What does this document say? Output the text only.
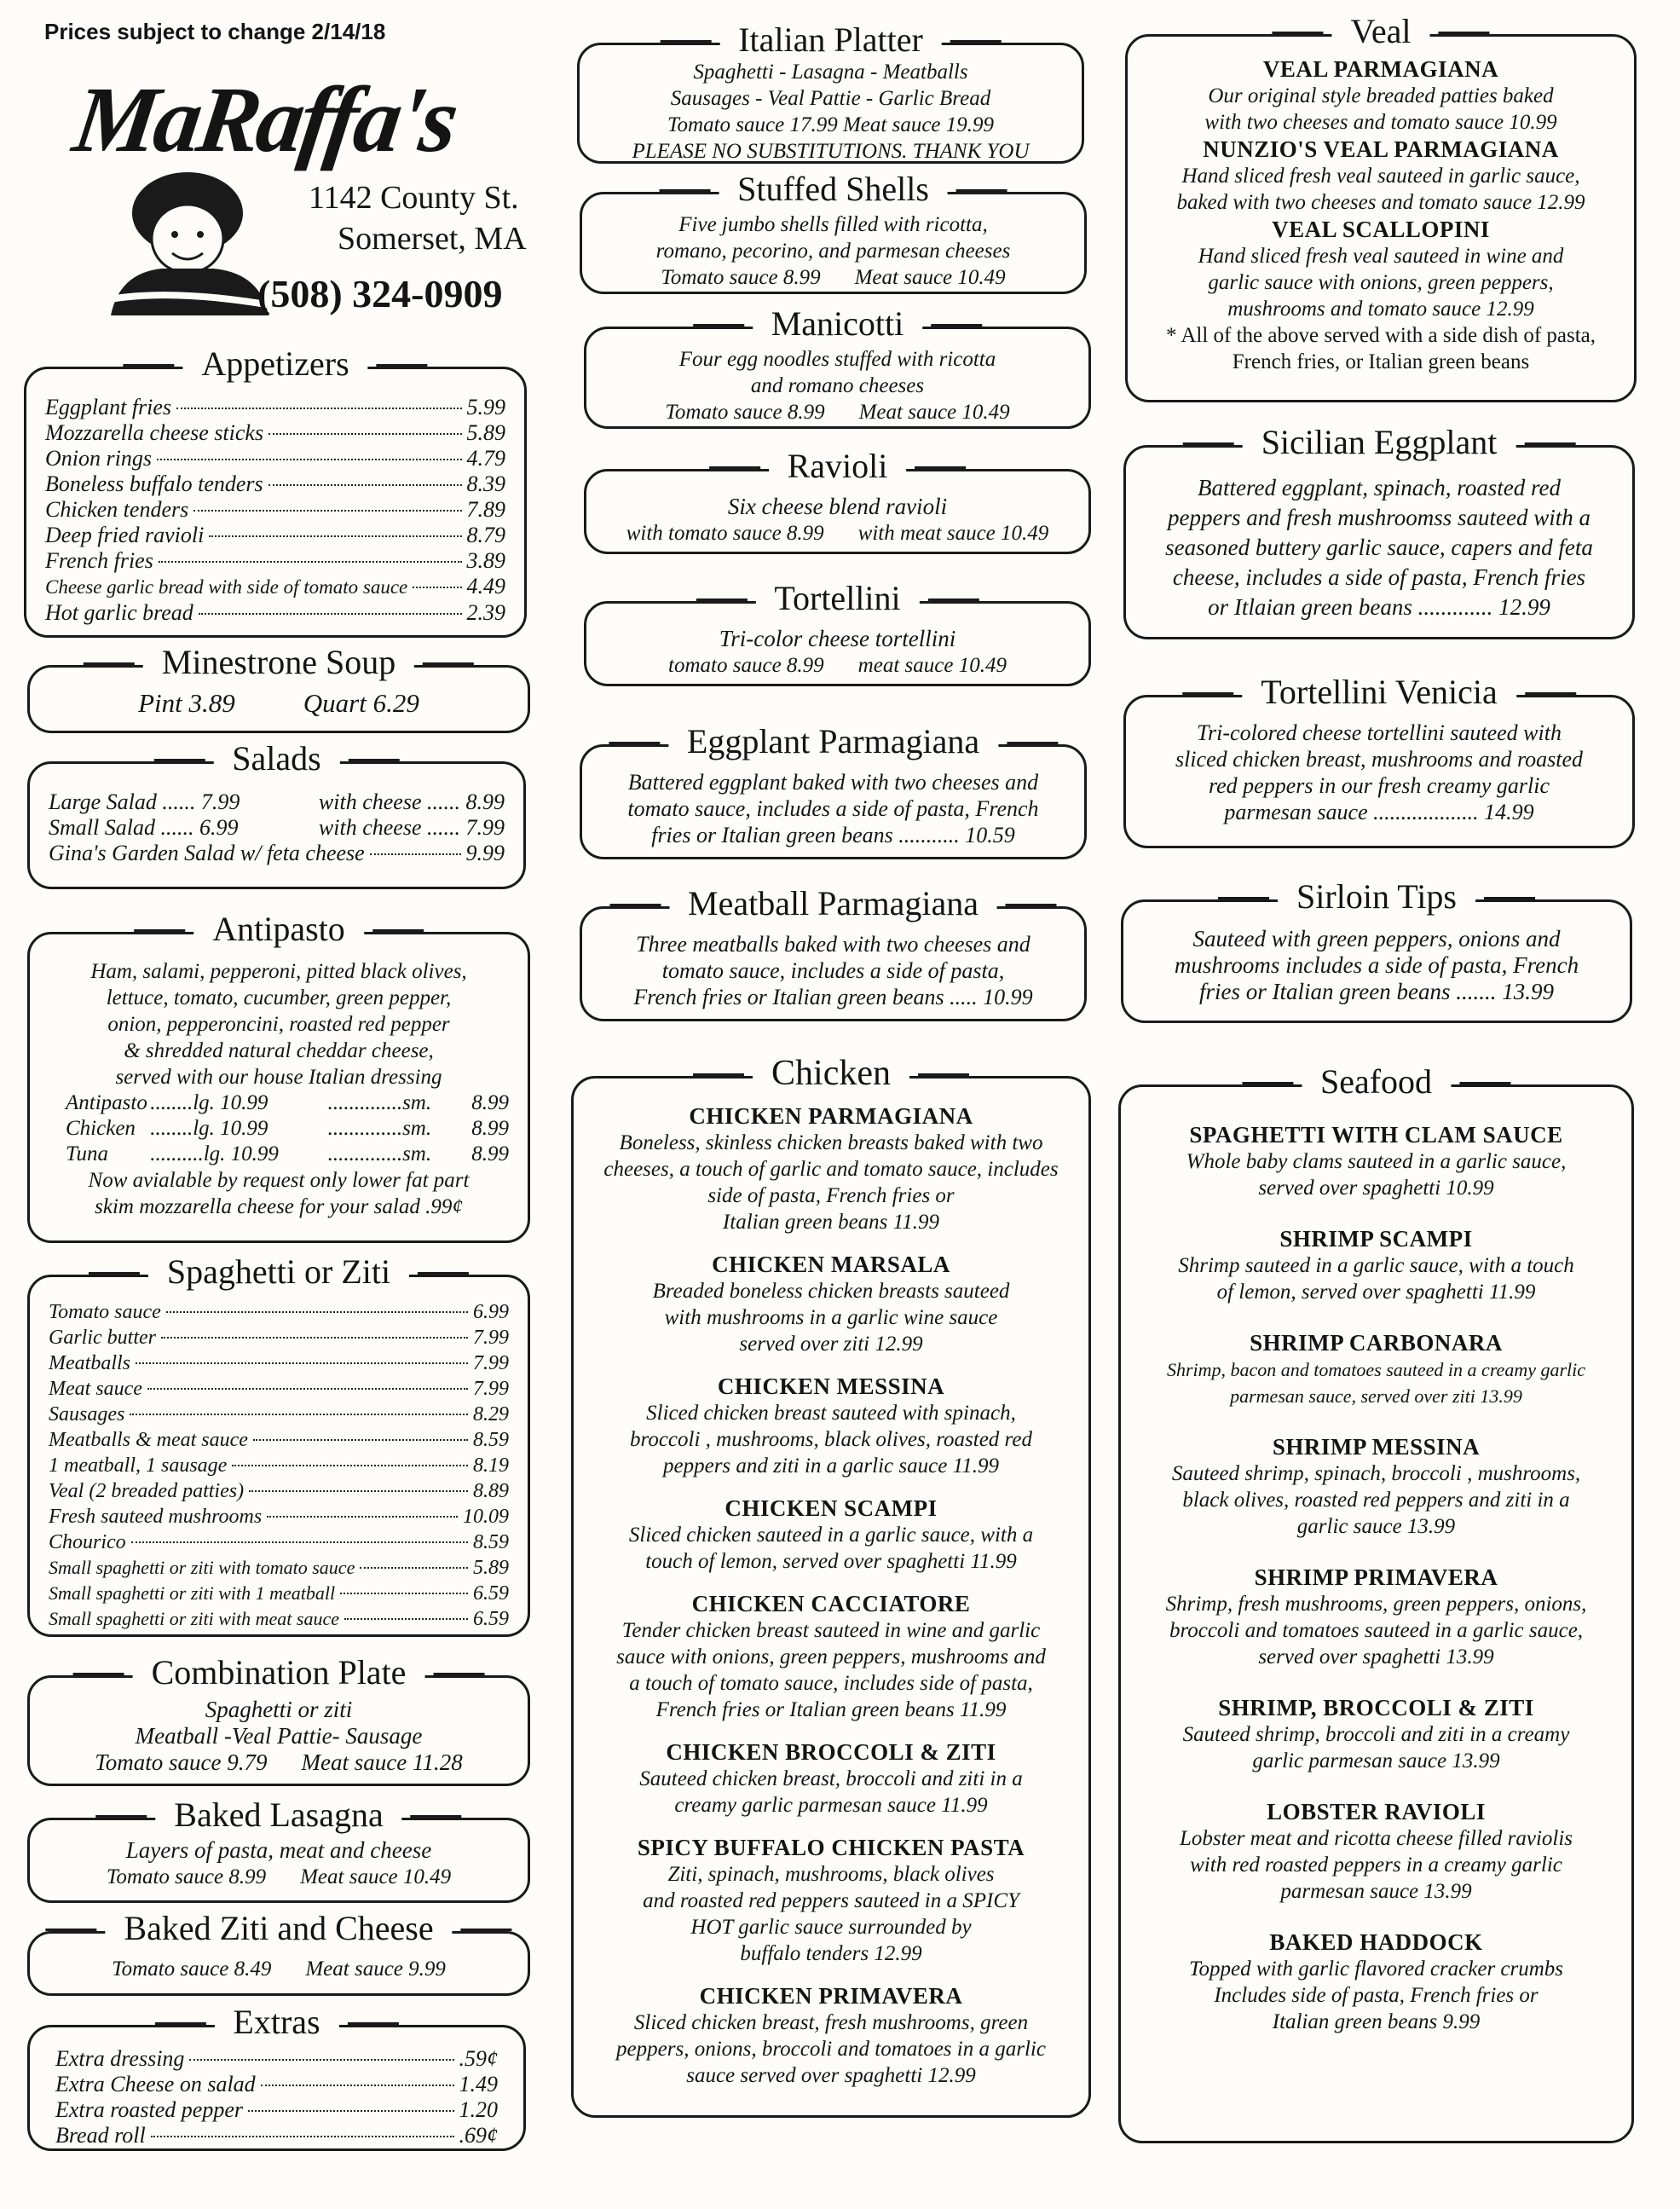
Prices subject to change 2/14/18
MaRaffa's
1142 County St.
Somerset, MA
(508) 324-0909
Appetizers
Eggplant fries	5.99
Mozzarella cheese sticks	5.89
Onion rings	4.79
Boneless buffalo tenders	8.39
Chicken tenders	7.89
Deep fried ravioli	8.79
French fries	3.89
Cheese garlic bread with side of tomato sauce	4.49
Hot garlic bread	2.39
Minestrone Soup
Pint 3.89	Quart 6.29
Salads
Large Salad ...... 7.99	with cheese ...... 8.99
Small Salad ...... 6.99	with cheese ...... 7.99
Gina's Garden Salad w/ feta cheese	9.99
Antipasto
Ham, salami, pepperoni, pitted black olives,
lettuce, tomato, cucumber, green pepper,
onion, pepperoncini, roasted red pepper
& shredded natural cheddar cheese,
served with our house Italian dressing
Antipasto ........lg. 10.99	..............sm.	8.99
Chicken ........lg. 10.99	..............sm.	8.99
Tuna	..........lg. 10.99	..............sm.	8.99
Now avialable by request only lower fat part
skim mozzarella cheese for your salad .99¢
Spaghetti or Ziti
Tomato sauce	6.99
Garlic butter	7.99
Meatballs	7.99
Meat sauce	7.99
Sausages	8.29
Meatballs & meat sauce	8.59
1 meatball, 1 sausage	8.19
Veal (2 breaded patties)	8.89
Fresh sauteed mushrooms	10.09
Chourico	8.59
Small spaghetti or ziti with tomato sauce	5.89
Small spaghetti or ziti with 1 meatball	6.59
Small spaghetti or ziti with meat sauce	6.59
Combination Plate
Spaghetti or ziti
Meatball -Veal Pattie- Sausage
Tomato sauce 9.79 Meat sauce 11.28
Baked Lasagna
Layers of pasta, meat and cheese
Tomato sauce 8.99 Meat sauce 10.49
Baked Ziti and Cheese
Tomato sauce 8.49 Meat sauce 9.99
Extras
Extra dressing	.59¢
Extra Cheese on salad	1.49
Extra roasted pepper	1.20
Bread roll	.69¢
Italian Platter
Spaghetti - Lasagna - Meatballs
Sausages - Veal Pattie - Garlic Bread
Tomato sauce 17.99 Meat sauce 19.99
PLEASE NO SUBSTITUTIONS. THANK YOU
Stuffed Shells
Five jumbo shells filled with ricotta,
romano, pecorino, and parmesan cheeses
Tomato sauce 8.99 Meat sauce 10.49
Manicotti
Four egg noodles stuffed with ricotta
and romano cheeses
Tomato sauce 8.99 Meat sauce 10.49
Ravioli
Six cheese blend ravioli
with tomato sauce 8.99 with meat sauce 10.49
Tortellini
Tri-color cheese tortellini
tomato sauce 8.99 meat sauce 10.49
Eggplant Parmagiana
Battered eggplant baked with two cheeses and
tomato sauce, includes a side of pasta, French
fries or Italian green beans ........... 10.59
Meatball Parmagiana
Three meatballs baked with two cheeses and
tomato sauce, includes a side of pasta,
French fries or Italian green beans ..... 10.99
Chicken
CHICKEN PARMAGIANA
Boneless, skinless chicken breasts baked with two
cheeses, a touch of garlic and tomato sauce, includes
side of pasta, French fries or
Italian green beans 11.99
CHICKEN MARSALA
Breaded boneless chicken breasts sauteed
with mushrooms in a garlic wine sauce
served over ziti 12.99
CHICKEN MESSINA
Sliced chicken breast sauteed with spinach,
broccoli , mushrooms, black olives, roasted red
peppers and ziti in a garlic sauce 11.99
CHICKEN SCAMPI
Sliced chicken sauteed in a garlic sauce, with a
touch of lemon, served over spaghetti 11.99
CHICKEN CACCIATORE
Tender chicken breast sauteed in wine and garlic
sauce with onions, green peppers, mushrooms and
a touch of tomato sauce, includes side of pasta,
French fries or Italian green beans 11.99
CHICKEN BROCCOLI & ZITI
Sauteed chicken breast, broccoli and ziti in a
creamy garlic parmesan sauce 11.99
SPICY BUFFALO CHICKEN PASTA
Ziti, spinach, mushrooms, black olives
and roasted red peppers sauteed in a SPICY
HOT garlic sauce surrounded by
buffalo tenders 12.99
CHICKEN PRIMAVERA
Sliced chicken breast, fresh mushrooms, green
peppers, onions, broccoli and tomatoes in a garlic
sauce served over spaghetti 12.99
Veal
VEAL PARMAGIANA
Our original style breaded patties baked
with two cheeses and tomato sauce 10.99
NUNZIO'S VEAL PARMAGIANA
Hand sliced fresh veal sauteed in garlic sauce,
baked with two cheeses and tomato sauce 12.99
VEAL SCALLOPINI
Hand sliced fresh veal sauteed in wine and
garlic sauce with onions, green peppers,
mushrooms and tomato sauce 12.99
* All of the above served with a side dish of pasta,
French fries, or Italian green beans
Sicilian Eggplant
Battered eggplant, spinach, roasted red
peppers and fresh mushroomss sauteed with a
seasoned buttery garlic sauce, capers and feta
cheese, includes a side of pasta, French fries
or Itlaian green beans ............. 12.99
Tortellini Venicia
Tri-colored cheese tortellini sauteed with
sliced chicken breast, mushrooms and roasted
red peppers in our fresh creamy garlic
parmesan sauce ................... 14.99
Sirloin Tips
Sauteed with green peppers, onions and
mushrooms includes a side of pasta, French
fries or Italian green beans ....... 13.99
Seafood
SPAGHETTI WITH CLAM SAUCE
Whole baby clams sauteed in a garlic sauce,
served over spaghetti 10.99
SHRIMP SCAMPI
Shrimp sauteed in a garlic sauce, with a touch
of lemon, served over spaghetti 11.99
SHRIMP CARBONARA
Shrimp, bacon and tomatoes sauteed in a creamy garlic
parmesan sauce, served over ziti 13.99
SHRIMP MESSINA
Sauteed shrimp, spinach, broccoli , mushrooms,
black olives, roasted red peppers and ziti in a
garlic sauce 13.99
SHRIMP PRIMAVERA
Shrimp, fresh mushrooms, green peppers, onions,
broccoli and tomatoes sauteed in a garlic sauce,
served over spaghetti 13.99
SHRIMP, BROCCOLI & ZITI
Sauteed shrimp, broccoli and ziti in a creamy
garlic parmesan sauce 13.99
LOBSTER RAVIOLI
Lobster meat and ricotta cheese filled raviolis
with red roasted peppers in a creamy garlic
parmesan sauce 13.99
BAKED HADDOCK
Topped with garlic flavored cracker crumbs
Includes side of pasta, French fries or
Italian green beans 9.99
